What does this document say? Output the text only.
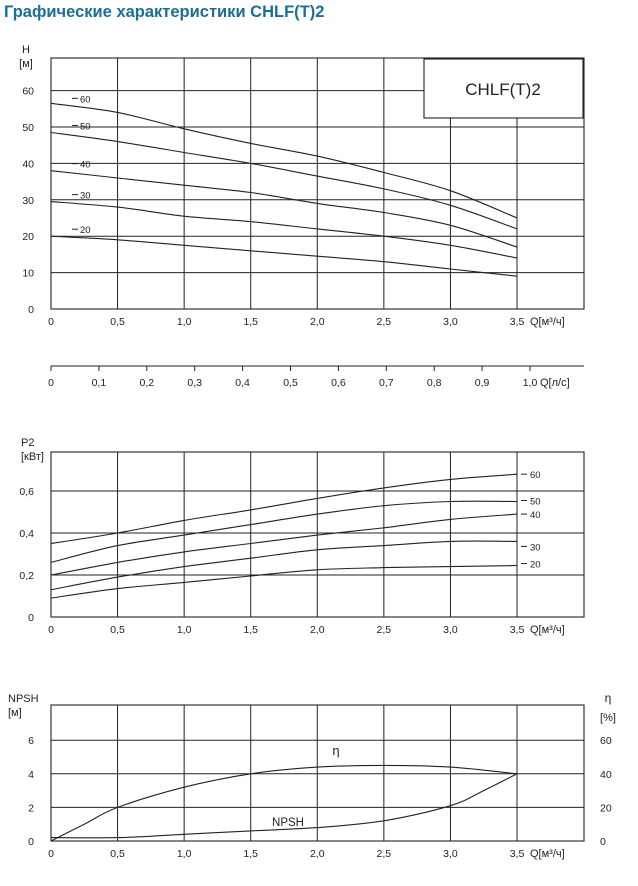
Графические характеристики CHLF(T)2
0	0,5	1,0	1,5	2,0	2,5	3,0	3,5
0
10
20
30
40
50
60
H
[м]
Q[м³/ч]
CHLF(T)2
60
50
40
30
20
0	0,1	0,2	0,3	0,4	0,5	0,6	0,7	0,8	0,9	1,0 Q[л/с]
0	0,5	1,0	1,5	2,0	2,5	3,0	3,5
0
0,2
0,4
0,6
P2
[кВт]
Q[м³/ч]
60
50
40
30
20
0	0,5	1,0	1,5	2,0	2,5	3,0	3,5
0
2
4
6
NPSH
[м]
Q[м³/ч]
0
20
40
60
η
[%]
η
NPSH
